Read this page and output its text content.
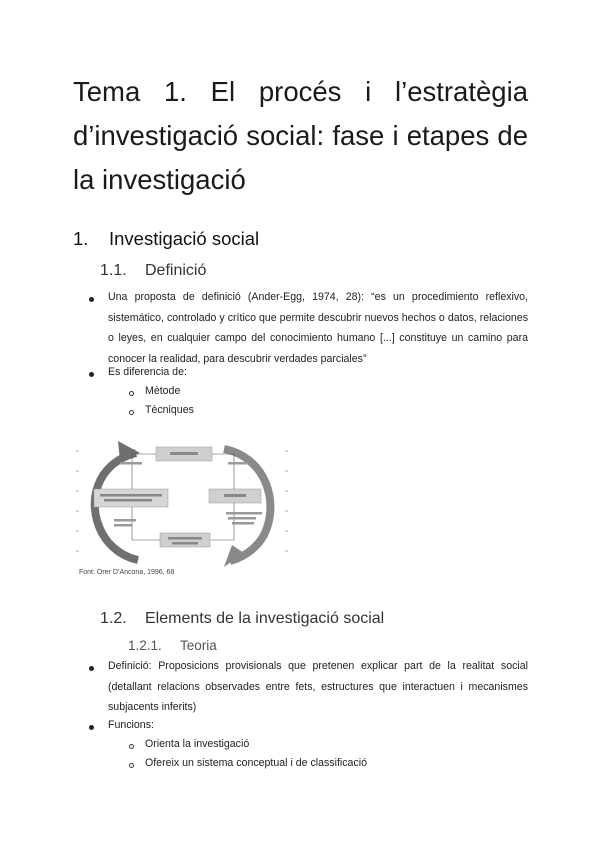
Tema 1. El procés i l’estratègia d’investigació social: fase i etapes de la investigació
1. Investigació social
1.1. Definició

Una proposta de definició (Ander-Egg, 1974, 28): “es un procedimiento reflexivo, sistemático, controlado y crítico que permite descubrir nuevos hechos o datos, relaciones o leyes, en cualquier campo del conocimiento humano [...] constituye un camino para conocer la realidad, para descubrir verdades parciales”

Es diferencia de:

Mètode

Tècniques

Font: Orer D’Ancona, 1996, 68

1.2. Elements de la investigació social
1.2.1. Teoria

Definició: Proposicions provisionals que pretenen explicar part de la realitat social (detallant relacions observades entre fets, estructures que interactuen i mecanismes subjacents inferits)

Funcions:

Orienta la investigació

Ofereix un sistema conceptual i de classificació
